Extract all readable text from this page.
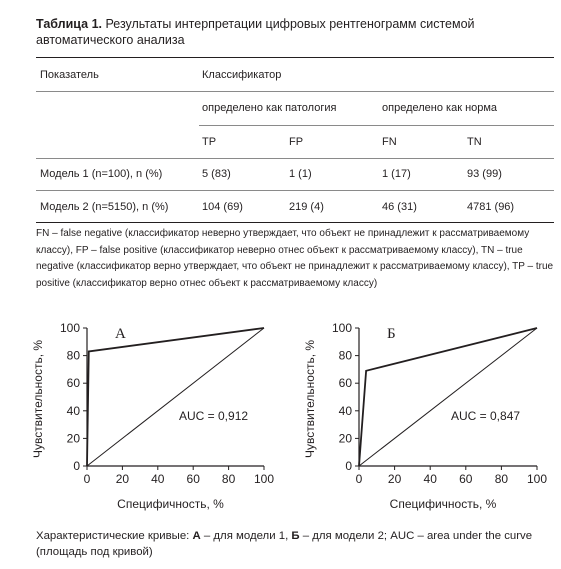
Таблица 1. Результаты интерпретации цифровых рентгенограмм системой автоматического анализа
Показатель	Классификатор
определено как патология	определено как норма
TP	FP	FN	TN
Модель 1 (n=100), n (%)	5 (83)	1 (1)	1 (17)	93 (99)
Модель 2 (n=5150), n (%)	104 (69)	219 (4)	46 (31)	4781 (96)
FN – false negative (классификатор неверно утверждает, что объект не принадлежит к рассматриваемому классу), FP – false positive (классификатор неверно отнес объект к рассматриваемому классу), TN – true negative (классификатор верно утверждает, что объект не принадлежит к рассматриваемому классу), TP – true positive (классификатор верно отнес объект к рассматриваемому классу)
0
20
40
60
80
100
0 20 40 60 80 100
А
AUC = 0,912
Специфичность, %
Чувствительность, %
0
20
40
60
80
100
0 20 40 60 80 100
Б
AUC = 0,847
Специфичность, %
Чувствительность, %
Характеристические кривые: А – для модели 1, Б – для модели 2; AUC – area under the curve (площадь под кривой)
